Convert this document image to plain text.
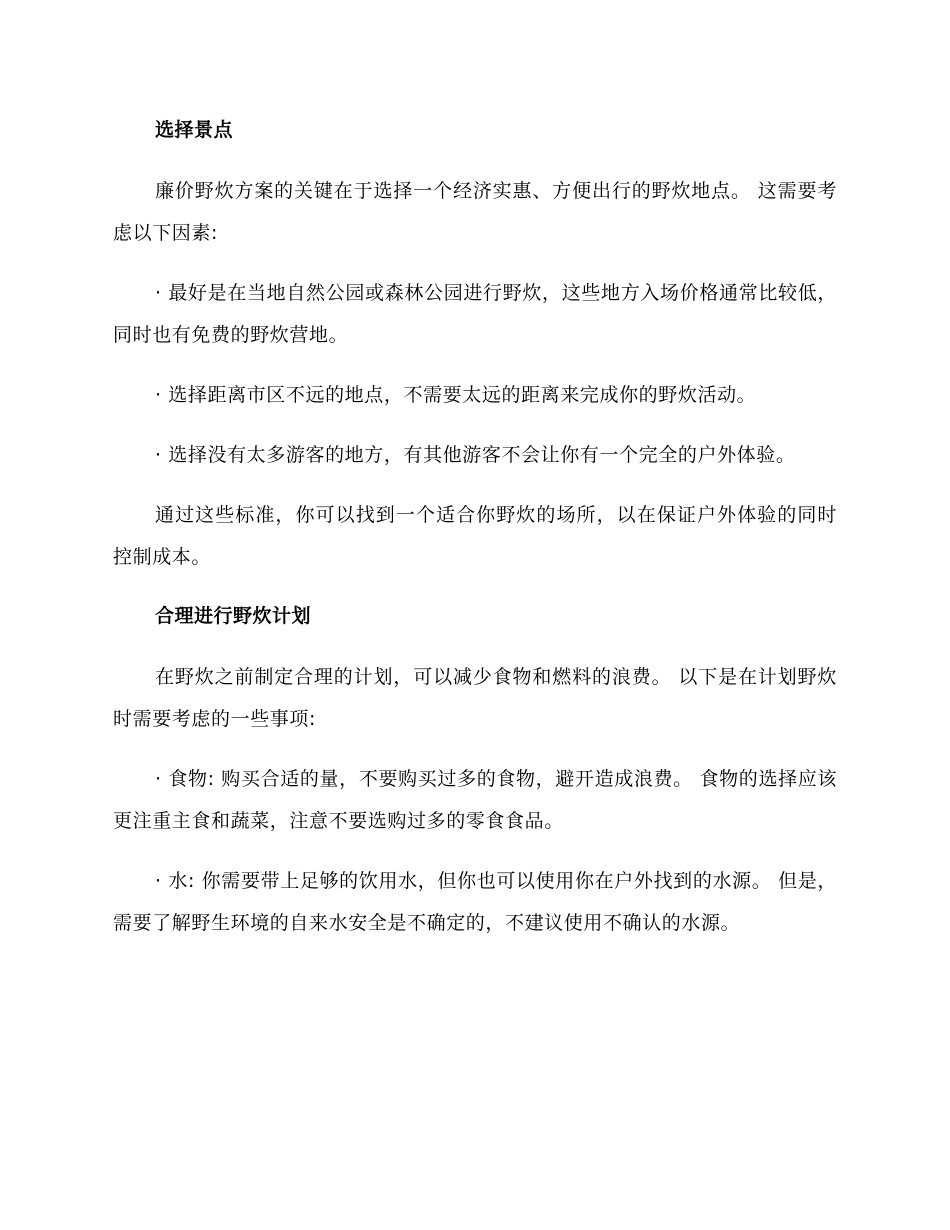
选择景点

廉价野炊方案的关键在于选择一个经济实惠、方便出行的野炊地点。 这需要考虑以下因素:

· 最好是在当地自然公园或森林公园进行野炊，这些地方入场价格通常比较低，同时也有免费的野炊营地。

· 选择距离市区不远的地点，不需要太远的距离来完成你的野炊活动。

· 选择没有太多游客的地方，有其他游客不会让你有一个完全的户外体验。

通过这些标准，你可以找到一个适合你野炊的场所，以在保证户外体验的同时控制成本。

合理进行野炊计划

在野炊之前制定合理的计划，可以减少食物和燃料的浪费。 以下是在计划野炊时需要考虑的一些事项:

· 食物: 购买合适的量，不要购买过多的食物，避开造成浪费。 食物的选择应该更注重主食和蔬菜，注意不要选购过多的零食食品。

· 水: 你需要带上足够的饮用水，但你也可以使用你在户外找到的水源。 但是，需要了解野生环境的自来水安全是不确定的，不建议使用不确认的水源。
